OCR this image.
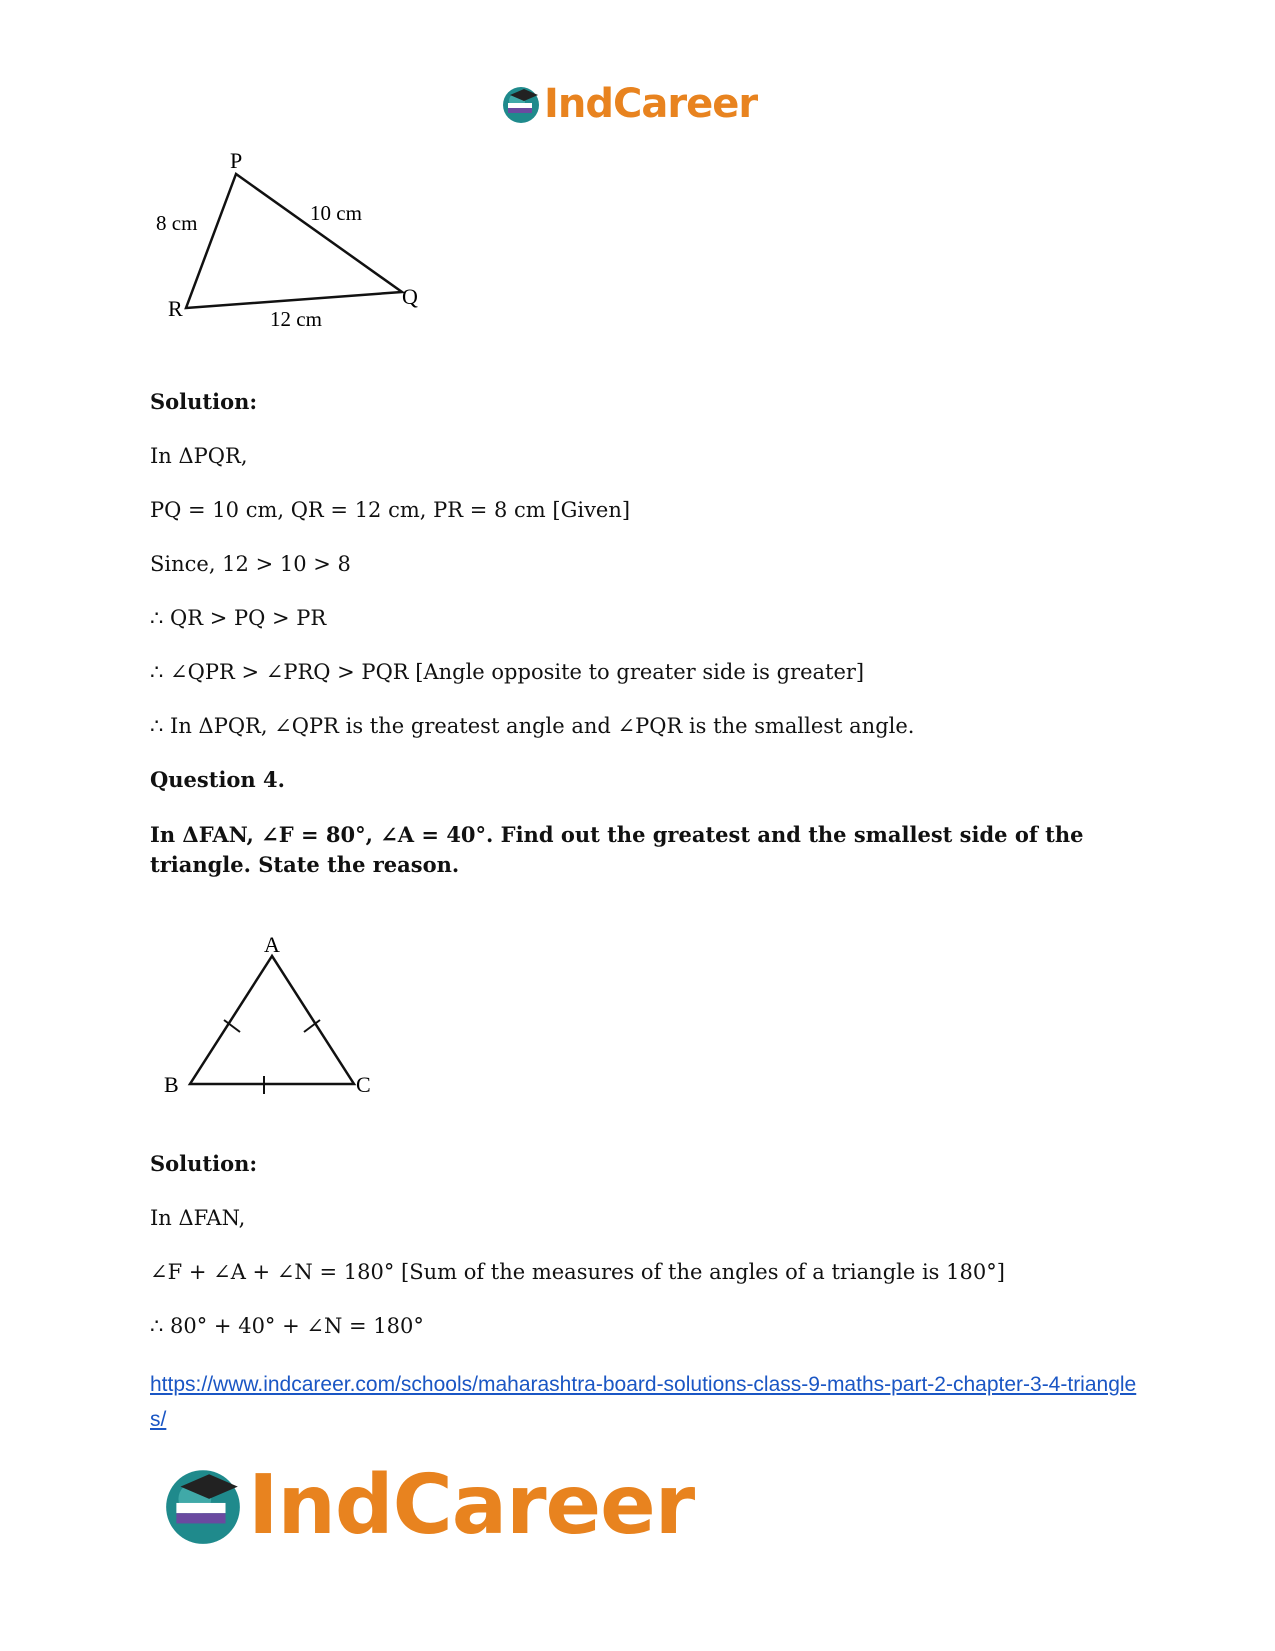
IndCareer
P
Q
R
8 cm	10 cm
12 cm
Solution:
In ΔPQR,
PQ = 10 cm, QR = 12 cm, PR = 8 cm [Given]
Since, 12 > 10 > 8
∴ QR > PQ > PR
∴ ∠QPR > ∠PRQ > PQR [Angle opposite to greater side is greater]
∴ In ΔPQR, ∠QPR is the greatest angle and ∠PQR is the smallest angle.
Question 4.
In ΔFAN, ∠F = 80°, ∠A = 40°. Find out the greatest and the smallest side of the triangle. State the reason.
A
B	C
Solution:
In ΔFAN,
∠F + ∠A + ∠N = 180° [Sum of the measures of the angles of a triangle is 180°]
∴ 80° + 40° + ∠N = 180°
https://www.indcareer.com/schools/maharashtra-board-solutions-class-9-maths-part-2-chapter-3-4-triangles/
IndCareer
